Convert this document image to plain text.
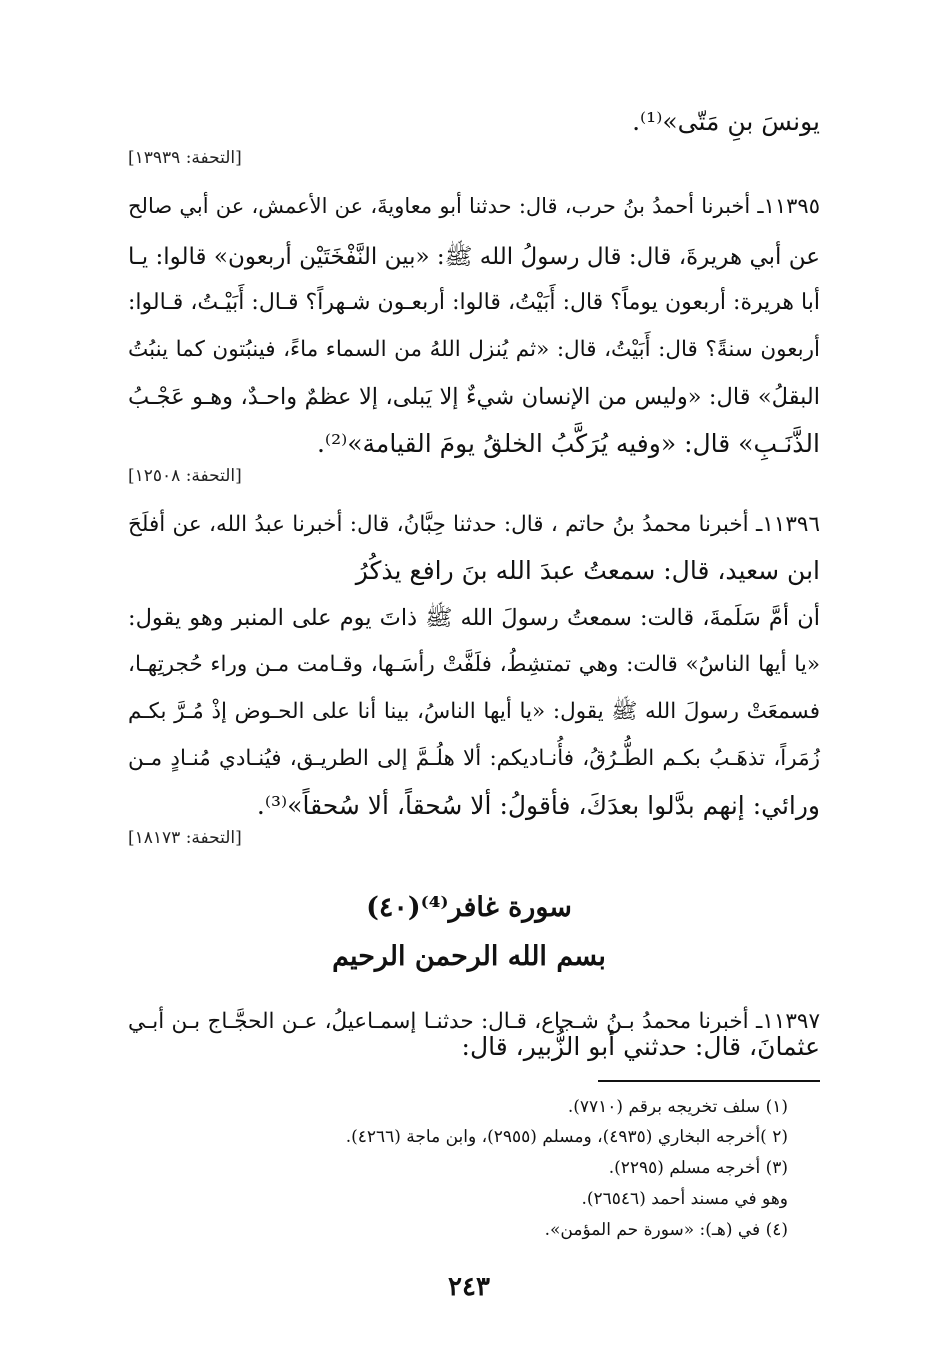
يونسَ بنِ مَتّى»⁽¹⁾.
[التحفة: ١٣٩٣٩]
١١٣٩٥ـ أخبرنا أحمدُ بنُ حرب، قال: حدثنا أبو معاويةَ، عن الأعمش، عن أبي صالح
عن أبي هريرةَ، قال: قال رسولُ الله ﷺ: «بين النَّفْخَتَيْن أربعون» قالوا: يـا
أبا هريرة: أربعون يوماً؟ قال: أَبَيْتُ، قالوا: أربعـون شـهراً؟ قـال: أَبَيْـتُ، قـالوا:
أربعون سنةً؟ قال: أَبَيْتُ، قال: «ثم يُنزل اللهُ من السماء ماءً، فينبُتون كما ينبُتُ
البقلُ» قال: «وليس من الإنسان شيءٌ إلا يَبلى، إلا عظمٌ واحـدٌ، وهـو عَجْـبُ
الذَّنَـبِ» قال: «وفيه يُرَكَّبُ الخلقُ يومَ القيامة»⁽²⁾.
[التحفة: ١٢٥٠٨]
١١٣٩٦ـ أخبرنا محمدُ بنُ حاتم ، قال: حدثنا حِبَّانُ، قال: أخبرنا عبدُ الله، عن أفلَحَ
ابن سعيد، قال: سمعتُ عبدَ الله بنَ رافع يذكُرُ
أن أمَّ سَلَمةَ، قالت: سمعتُ رسولَ الله ﷺ ذاتَ يوم على المنبر وهو يقول:
«يا أيها الناسُ» قالت: وهي تمتشِطُ، فلَفَّتْ رأسَـها، وقـامت مـن وراء حُجرتِهـا،
فسمعَتْ رسولَ الله ﷺ يقول: «يا أيها الناسُ، بينا أنا على الحـوض إذْ مُـرَّ بكـم
زُمَراً، تذهَـبُ بكـم الطُّـرُقُ، فأُنـاديكم: ألا هلُـمَّ إلى الطريـق، فيُنـادي مُنـادٍ مـن
ورائي: إنهم بدَّلوا بعدَكَ، فأقولُ: ألا سُحقاً، ألا سُحقاً»⁽³⁾.
[التحفة: ١٨١٧٣]
سورة غافر⁽⁴⁾(٤٠)
بسم الله الرحمن الرحيم
١١٣٩٧ـ أخبرنا محمدُ بـنُ شـجاع، قـال: حدثنـا إسمـاعيلُ، عـن الحجَّـاج بـن أبـي
عثمانَ، قال: حدثني أبو الزُّبير، قال:
(١) سلف تخريجه برقم (٧٧١٠).
(٢ )أخرجه البخاري (٤٩٣٥)، ومسلم (٢٩٥٥)، وابن ماجة (٤٢٦٦).
(٣) أخرجه مسلم (٢٢٩٥).
وهو في مسند أحمد (٢٦٥٤٦).
(٤) في (هـ): «سورة حم المؤمن».
٢٤٣
